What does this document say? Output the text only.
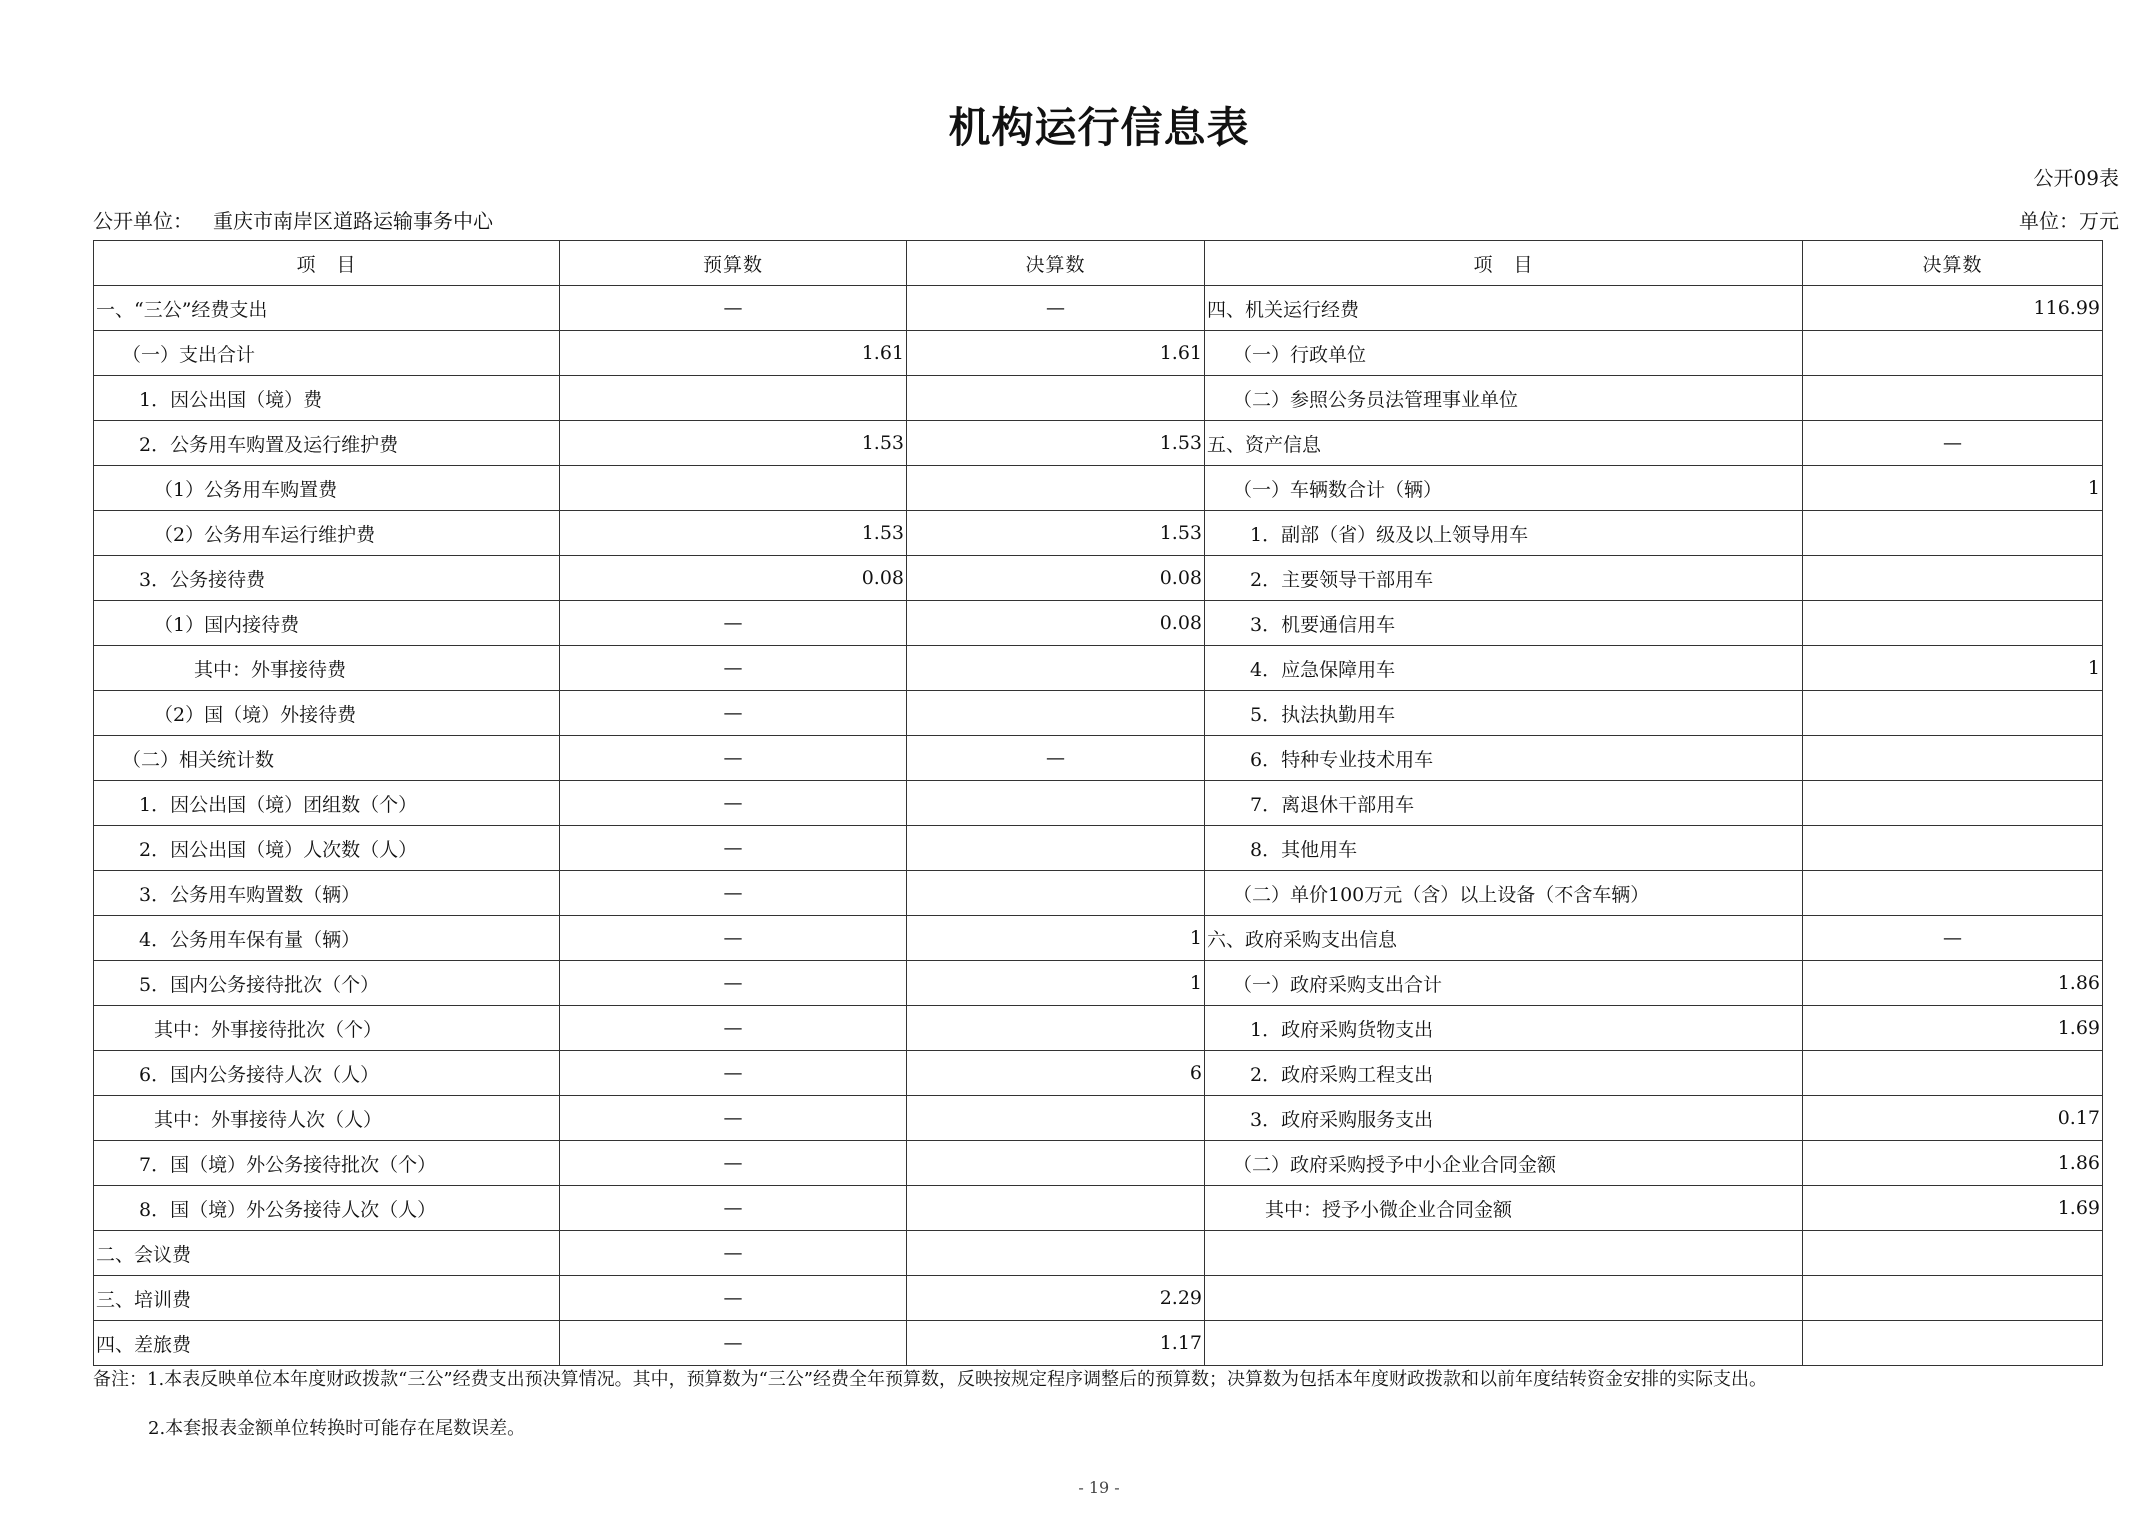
机构运行信息表
公开09表
公开单位： 重庆市南岸区道路运输事务中心	单位：万元
项　目	预算数	决算数	项　目	决算数
一、“三公”经费支出	—	—	四、机关运行经费	116.99
（一）支出合计	1.61	1.61	（一）行政单位	
1．因公出国（境）费			（二）参照公务员法管理事业单位	
2．公务用车购置及运行维护费	1.53	1.53	五、资产信息	—
（1）公务用车购置费			（一）车辆数合计（辆）	1
（2）公务用车运行维护费	1.53	1.53	1．副部（省）级及以上领导用车	
3．公务接待费	0.08	0.08	2．主要领导干部用车	
（1）国内接待费	—	0.08	3．机要通信用车	
其中：外事接待费	—		4．应急保障用车	1
（2）国（境）外接待费	—		5．执法执勤用车	
（二）相关统计数	—	—	6．特种专业技术用车	
1．因公出国（境）团组数（个）	—		7．离退休干部用车	
2．因公出国（境）人次数（人）	—		8．其他用车	
3．公务用车购置数（辆）	—		（二）单价100万元（含）以上设备（不含车辆）	
4．公务用车保有量（辆）	—	1	六、政府采购支出信息	—
5．国内公务接待批次（个）	—	1	（一）政府采购支出合计	1.86
其中：外事接待批次（个）	—		1．政府采购货物支出	1.69
6．国内公务接待人次（人）	—	6	2．政府采购工程支出	
其中：外事接待人次（人）	—		3．政府采购服务支出	0.17
7．国（境）外公务接待批次（个）	—		（二）政府采购授予中小企业合同金额	1.86
8．国（境）外公务接待人次（人）	—		其中：授予小微企业合同金额	1.69
二、会议费	—			
三、培训费	—	2.29		
四、差旅费	—	1.17		
备注：1.本表反映单位本年度财政拨款“三公”经费支出预决算情况。其中，预算数为“三公”经费全年预算数，反映按规定程序调整后的预算数；决算数为包括本年度财政拨款和以前年度结转资金安排的实际支出。
2.本套报表金额单位转换时可能存在尾数误差。
- 19 -
